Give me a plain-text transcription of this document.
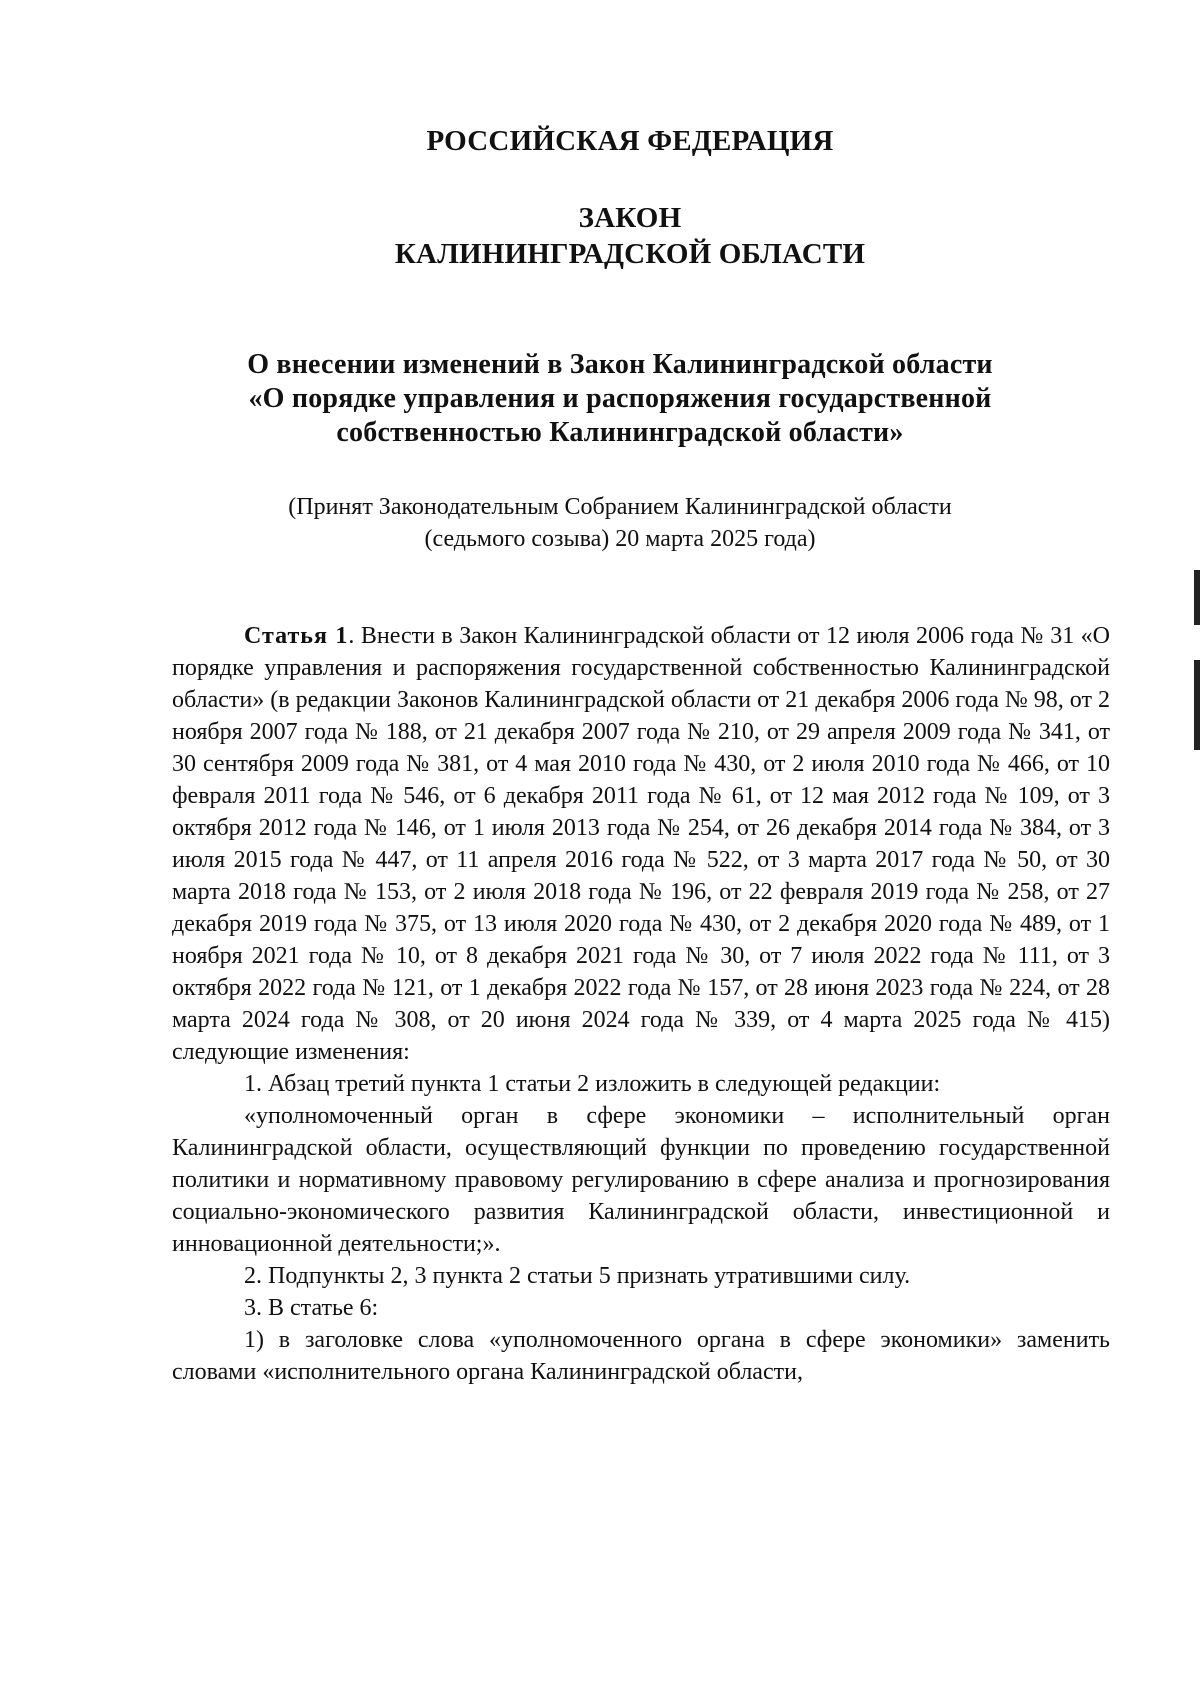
РОССИЙСКАЯ ФЕДЕРАЦИЯ
ЗАКОН
КАЛИНИНГРАДСКОЙ ОБЛАСТИ
О внесении изменений в Закон Калининградской области
«О порядке управления и распоряжения государственной
собственностью Калининградской области»
(Принят Законодательным Собранием Калининградской области
(седьмого созыва) 20 марта 2025 года)

Статья 1. Внести в Закон Калининградской области от 12 июля 2006 года № 31 «О порядке управления и распоряжения государственной собственностью Калининградской области» (в редакции Законов Калининградской области от 21 декабря 2006 года № 98, от 2 ноября 2007 года № 188, от 21 декабря 2007 года № 210, от 29 апреля 2009 года № 341, от 30 сентября 2009 года № 381, от 4 мая 2010 года № 430, от 2 июля 2010 года № 466, от 10 февраля 2011 года № 546, от 6 декабря 2011 года № 61, от 12 мая 2012 года № 109, от 3 октября 2012 года № 146, от 1 июля 2013 года № 254, от 26 декабря 2014 года № 384, от 3 июля 2015 года № 447, от 11 апреля 2016 года № 522, от 3 марта 2017 года № 50, от 30 марта 2018 года № 153, от 2 июля 2018 года № 196, от 22 февраля 2019 года № 258, от 27 декабря 2019 года № 375, от 13 июля 2020 года № 430, от 2 декабря 2020 года № 489, от 1 ноября 2021 года № 10, от 8 декабря 2021 года № 30, от 7 июля 2022 года № 111, от 3 октября 2022 года № 121, от 1 декабря 2022 года № 157, от 28 июня 2023 года № 224, от 28 марта 2024 года № 308, от 20 июня 2024 года № 339, от 4 марта 2025 года № 415) следующие изменения:

1. Абзац третий пункта 1 статьи 2 изложить в следующей редакции:

«уполномоченный орган в сфере экономики – исполнительный орган Калининградской области, осуществляющий функции по проведению государственной политики и нормативному правовому регулированию в сфере анализа и прогнозирования социально-экономического развития Калининградской области, инвестиционной и инновационной деятельности;».

2. Подпункты 2, 3 пункта 2 статьи 5 признать утратившими силу.

3. В статье 6:

1) в заголовке слова «уполномоченного органа в сфере экономики» заменить словами «исполнительного органа Калининградской области,
